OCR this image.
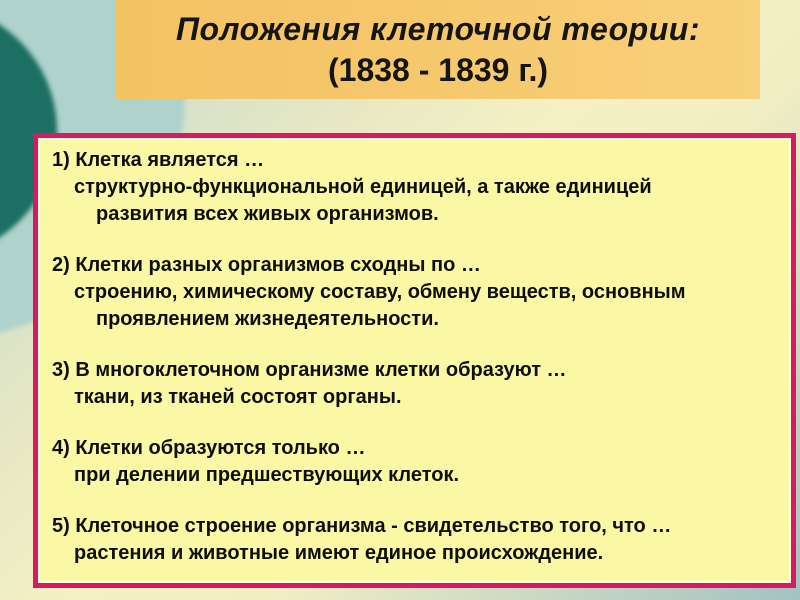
Положения клеточной теории:
(1838 - 1839 г.)
1) Клетка является …
структурно-функциональной единицей, а также единицей
развития всех живых организмов.
2) Клетки разных организмов сходны по …
строению, химическому составу, обмену веществ, основным
проявлением жизнедеятельности.
3) В многоклеточном организме клетки образуют …
ткани, из тканей состоят органы.
4) Клетки образуются только …
при делении предшествующих клеток.
5) Клеточное строение организма - свидетельство того, что …
растения и животные имеют единое происхождение.
